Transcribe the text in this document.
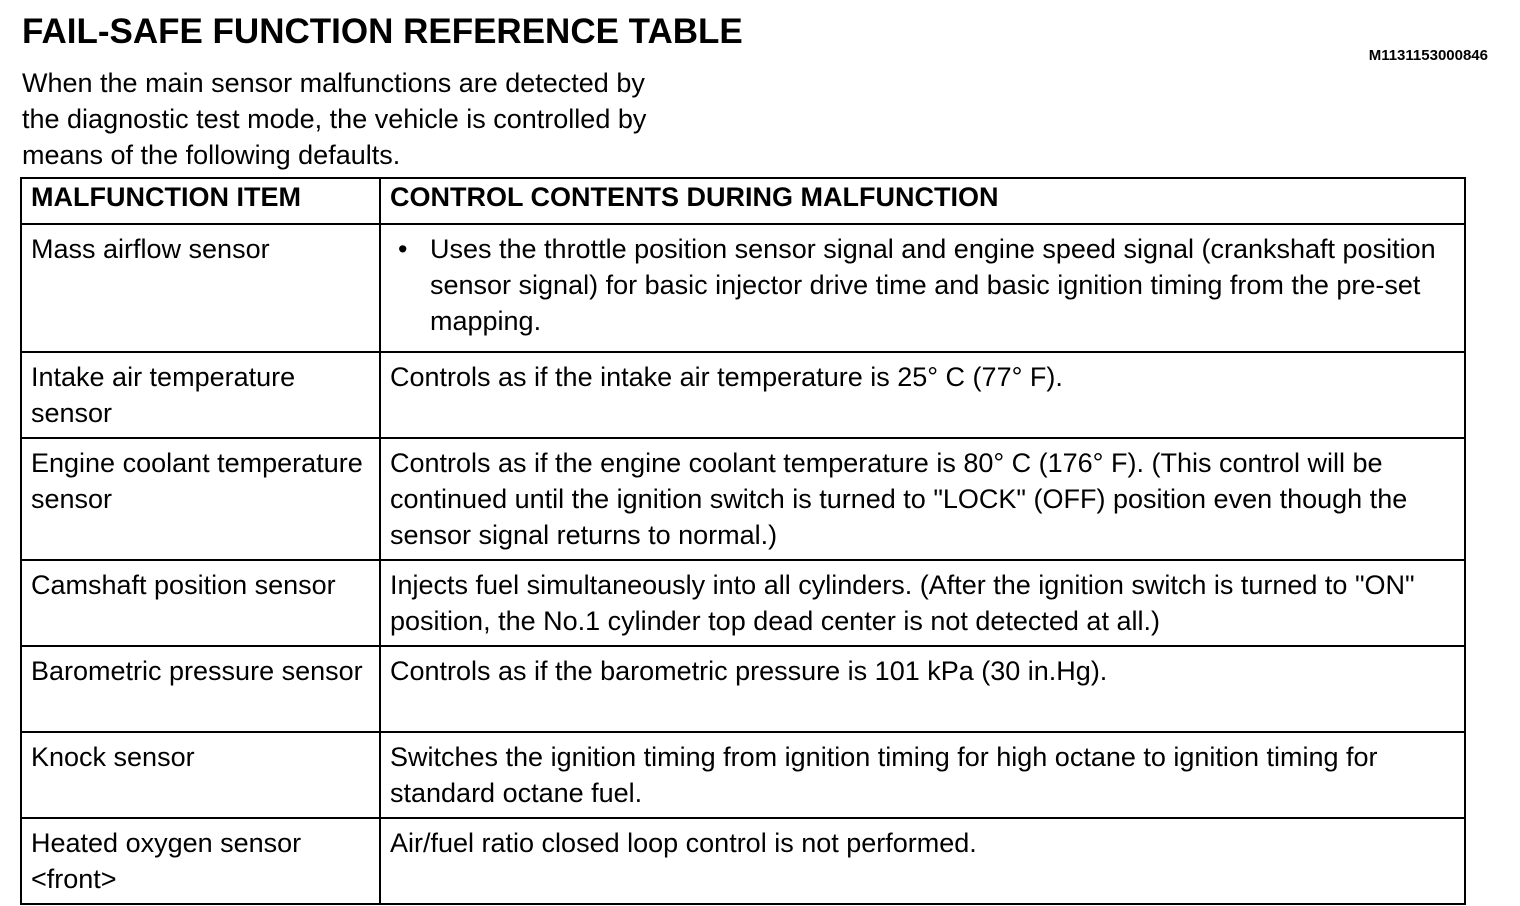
FAIL-SAFE FUNCTION REFERENCE TABLE
M1131153000846
When the main sensor malfunctions are detected by
the diagnostic test mode, the vehicle is controlled by
means of the following defaults.
MALFUNCTION ITEM	CONTROL CONTENTS DURING MALFUNCTION
Mass airflow sensor	• Uses the throttle position sensor signal and engine speed signal (crankshaft position sensor signal) for basic injector drive time and basic ignition timing from the pre-set mapping.

Intake air temperature sensor	Controls as if the intake air temperature is 25° C (77° F).
Engine coolant temperature sensor	Controls as if the engine coolant temperature is 80° C (176° F). (This control will be continued until the ignition switch is turned to "LOCK" (OFF) position even though the sensor signal returns to normal.)
Camshaft position sensor	Injects fuel simultaneously into all cylinders. (After the ignition switch is turned to "ON" position, the No.1 cylinder top dead center is not detected at all.)
Barometric pressure sensor	Controls as if the barometric pressure is 101 kPa (30 in.Hg).
Knock sensor	Switches the ignition timing from ignition timing for high octane to ignition timing for standard octane fuel.
Heated oxygen sensor <front>	Air/fuel ratio closed loop control is not performed.
